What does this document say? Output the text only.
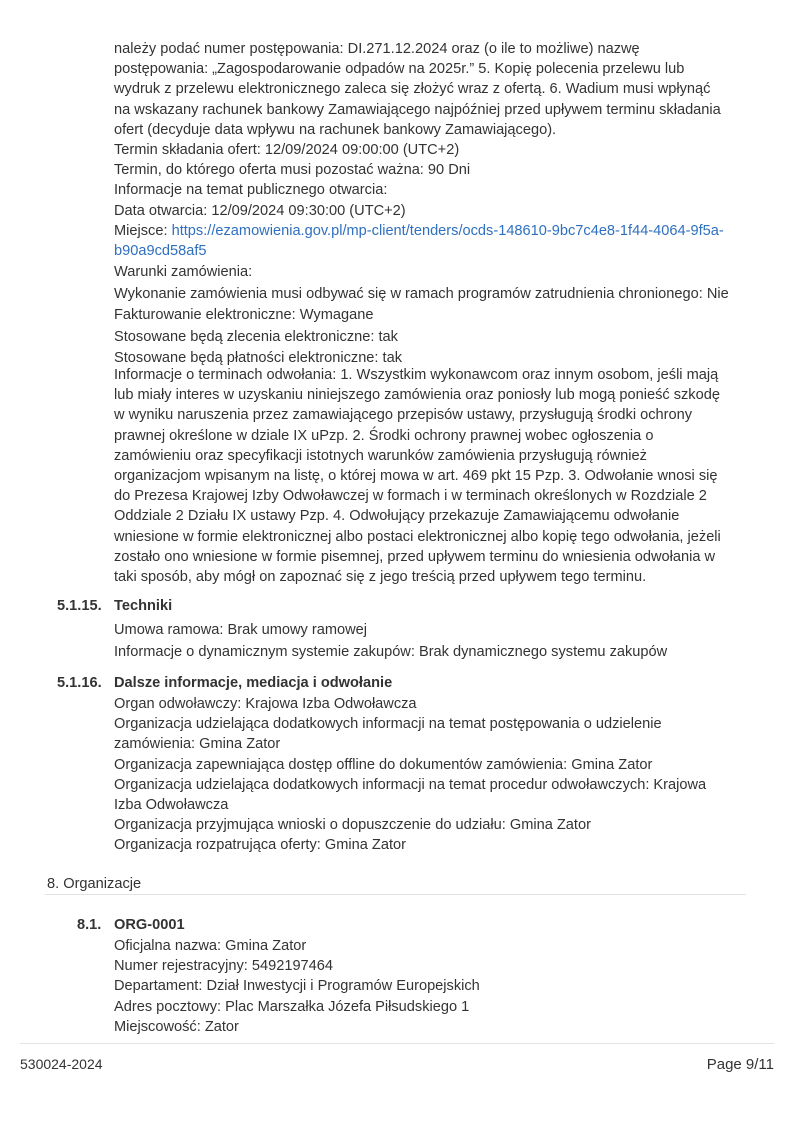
należy podać numer postępowania: DI.271.12.2024 oraz (o ile to możliwe) nazwę
postępowania: „Zagospodarowanie odpadów na 2025r.” 5. Kopię polecenia przelewu lub
wydruk z przelewu elektronicznego zaleca się złożyć wraz z ofertą. 6. Wadium musi wpłynąć
na wskazany rachunek bankowy Zamawiającego najpóźniej przed upływem terminu składania
ofert (decyduje data wpływu na rachunek bankowy Zamawiającego).
Termin składania ofert: 12/09/2024 09:00:00 (UTC+2)
Termin, do którego oferta musi pozostać ważna: 90 Dni
Informacje na temat publicznego otwarcia:
Data otwarcia: 12/09/2024 09:30:00 (UTC+2)
Miejsce: https://ezamowienia.gov.pl/mp-client/tenders/ocds-148610-9bc7c4e8-1f44-4064-9f5a-
b90a9cd58af5
Warunki zamówienia:
Wykonanie zamówienia musi odbywać się w ramach programów zatrudnienia chronionego: Nie
Fakturowanie elektroniczne: Wymagane
Stosowane będą zlecenia elektroniczne: tak
Stosowane będą płatności elektroniczne: tak
Informacje o terminach odwołania: 1. Wszystkim wykonawcom oraz innym osobom, jeśli mają
lub miały interes w uzyskaniu niniejszego zamówienia oraz poniosły lub mogą ponieść szkodę
w wyniku naruszenia przez zamawiającego przepisów ustawy, przysługują środki ochrony
prawnej określone w dziale IX uPzp. 2. Środki ochrony prawnej wobec ogłoszenia o
zamówieniu oraz specyfikacji istotnych warunków zamówienia przysługują również
organizacjom wpisanym na listę, o której mowa w art. 469 pkt 15 Pzp. 3. Odwołanie wnosi się
do Prezesa Krajowej Izby Odwoławczej w formach i w terminach określonych w Rozdziale 2
Oddziale 2 Działu IX ustawy Pzp. 4. Odwołujący przekazuje Zamawiającemu odwołanie
wniesione w formie elektronicznej albo postaci elektronicznej albo kopię tego odwołania, jeżeli
zostało ono wniesione w formie pisemnej, przed upływem terminu do wniesienia odwołania w
taki sposób, aby mógł on zapoznać się z jego treścią przed upływem tego terminu.
5.1.15. Techniki
Umowa ramowa: Brak umowy ramowej
Informacje o dynamicznym systemie zakupów: Brak dynamicznego systemu zakupów
5.1.16. Dalsze informacje, mediacja i odwołanie
Organ odwoławczy: Krajowa Izba Odwoławcza
Organizacja udzielająca dodatkowych informacji na temat postępowania o udzielenie
zamówienia: Gmina Zator
Organizacja zapewniająca dostęp offline do dokumentów zamówienia: Gmina Zator
Organizacja udzielająca dodatkowych informacji na temat procedur odwoławczych: Krajowa
Izba Odwoławcza
Organizacja przyjmująca wnioski o dopuszczenie do udziału: Gmina Zator
Organizacja rozpatrująca oferty: Gmina Zator
8. Organizacje
8.1. ORG-0001
Oficjalna nazwa: Gmina Zator
Numer rejestracyjny: 5492197464
Departament: Dział Inwestycji i Programów Europejskich
Adres pocztowy: Plac Marszałka Józefa Piłsudskiego 1
Miejscowość: Zator
530024-2024	Page 9/11
